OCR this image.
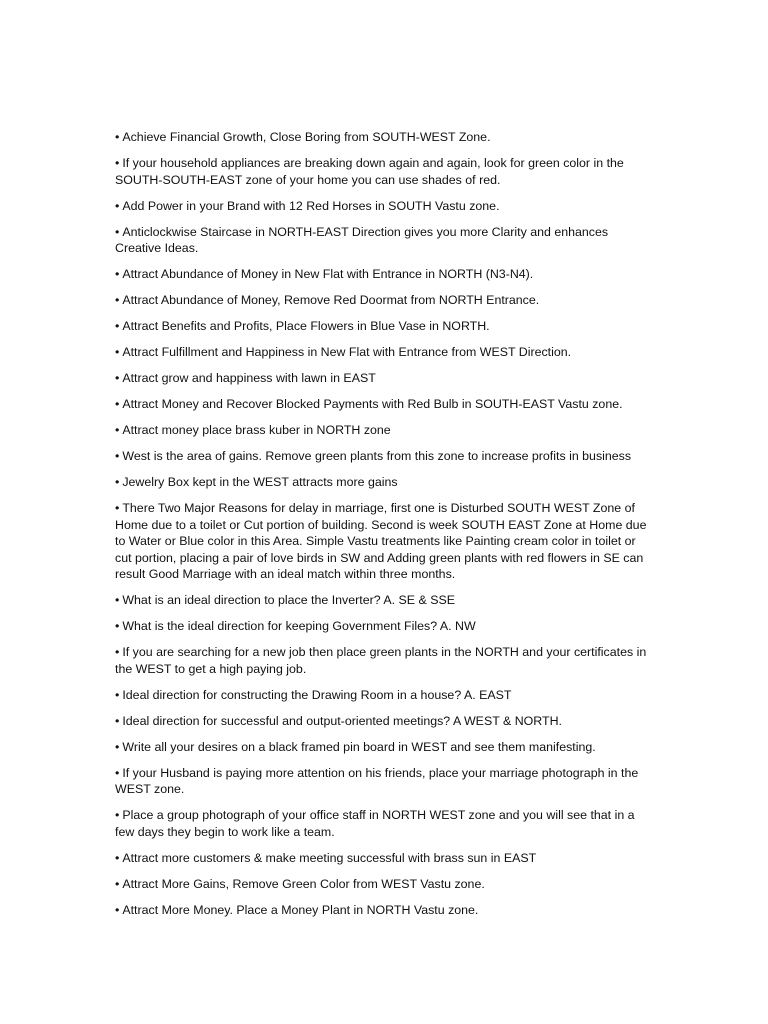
• Achieve Financial Growth, Close Boring from SOUTH-WEST Zone.
• If your household appliances are breaking down again and again, look for green color in the SOUTH-SOUTH-EAST zone of your home you can use shades of red.
• Add Power in your Brand with 12 Red Horses in SOUTH Vastu zone.
• Anticlockwise Staircase in NORTH-EAST Direction gives you more Clarity and enhances Creative Ideas.
• Attract Abundance of Money in New Flat with Entrance in NORTH (N3-N4).
• Attract Abundance of Money, Remove Red Doormat from NORTH Entrance.
• Attract Benefits and Profits, Place Flowers in Blue Vase in NORTH.
• Attract Fulfillment and Happiness in New Flat with Entrance from WEST Direction.
• Attract grow and happiness with lawn in EAST
• Attract Money and Recover Blocked Payments with Red Bulb in SOUTH-EAST Vastu zone.
• Attract money place brass kuber in NORTH zone
• West is the area of gains. Remove green plants from this zone to increase profits in business
• Jewelry Box kept in the WEST attracts more gains
• There Two Major Reasons for delay in marriage, first one is Disturbed SOUTH WEST Zone of Home due to a toilet or Cut portion of building. Second is week SOUTH EAST Zone at Home due to Water or Blue color in this Area. Simple Vastu treatments like Painting cream color in toilet or cut portion, placing a pair of love birds in SW and Adding green plants with red flowers in SE can result Good Marriage with an ideal match within three months.
• What is an ideal direction to place the Inverter? A. SE & SSE
• What is the ideal direction for keeping Government Files? A. NW
• If you are searching for a new job then place green plants in the NORTH and your certificates in the WEST to get a high paying job.
• Ideal direction for constructing the Drawing Room in a house? A. EAST
• Ideal direction for successful and output-oriented meetings? A WEST & NORTH.
• Write all your desires on a black framed pin board in WEST and see them manifesting.
• If your Husband is paying more attention on his friends, place your marriage photograph in the WEST zone.
• Place a group photograph of your office staff in NORTH WEST zone and you will see that in a few days they begin to work like a team.
• Attract more customers & make meeting successful with brass sun in EAST
• Attract More Gains, Remove Green Color from WEST Vastu zone.
• Attract More Money. Place a Money Plant in NORTH Vastu zone.
